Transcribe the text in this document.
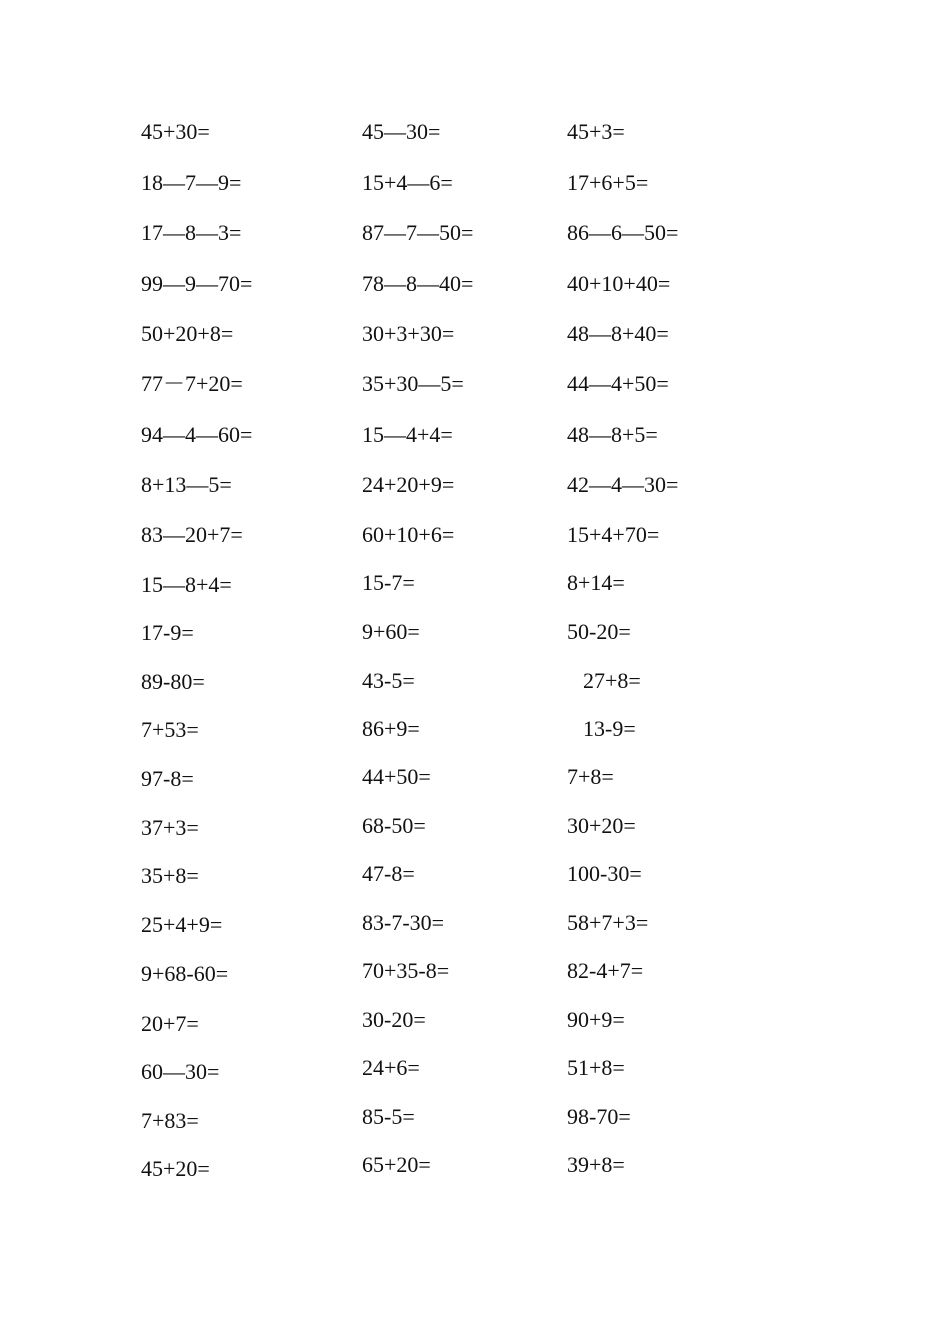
45+30=
18—7—9=
17—8—3=
99—9—70=
50+20+8=
77－7+20=
94—4—60=
8+13—5=
83—20+7=
15—8+4=
17-9=
89-80=
7+53=
97-8=
37+3=
35+8=
25+4+9=
9+68-60=
20+7=
60—30=
7+83=
45+20=
45—30=
15+4—6=
87—7—50=
78—8—40=
30+3+30=
35+30—5=
15—4+4=
24+20+9=
60+10+6=
15-7=
9+60=
43-5=
86+9=
44+50=
68-50=
47-8=
83-7-30=
70+35-8=
30-20=
24+6=
85-5=
65+20=
45+3=
17+6+5=
86—6—50=
40+10+40=
48—8+40=
44—4+50=
48—8+5=
42—4—30=
15+4+70=
8+14=
50-20=
27+8=
13-9=
7+8=
30+20=
100-30=
58+7+3=
82-4+7=
90+9=
51+8=
98-70=
39+8=
